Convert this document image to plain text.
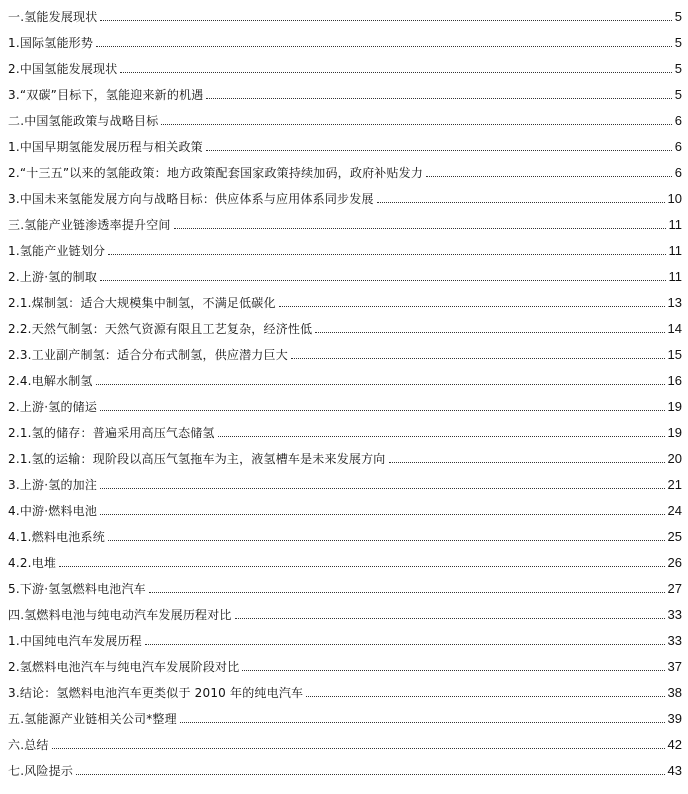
一.氢能发展现状	5
1.国际氢能形势	5
2.中国氢能发展现状	5
3.“双碳”目标下，氢能迎来新的机遇	5
二.中国氢能政策与战略目标	6
1.中国早期氢能发展历程与相关政策	6
2.“十三五”以来的氢能政策：地方政策配套国家政策持续加码，政府补贴发力	6
3.中国未来氢能发展方向与战略目标：供应体系与应用体系同步发展	10
三.氢能产业链渗透率提升空间	11
1.氢能产业链划分	11
2.上游·氢的制取	11
2.1.煤制氢：适合大规模集中制氢，不满足低碳化	13
2.2.天然气制氢：天然气资源有限且工艺复杂，经济性低	14
2.3.工业副产制氢：适合分布式制氢，供应潜力巨大	15
2.4.电解水制氢	16
2.上游·氢的储运	19
2.1.氢的储存：普遍采用高压气态储氢	19
2.1.氢的运输：现阶段以高压气氢拖车为主，液氢槽车是未来发展方向	20
3.上游·氢的加注	21
4.中游·燃料电池	24
4.1.燃料电池系统	25
4.2.电堆	26
5.下游·氢氢燃料电池汽车	27
四.氢燃料电池与纯电动汽车发展历程对比	33
1.中国纯电汽车发展历程	33
2.氢燃料电池汽车与纯电汽车发展阶段对比	37
3.结论：氢燃料电池汽车更类似于 2010 年的纯电汽车	38
五.氢能源产业链相关公司*整理	39
六.总结	42
七.风险提示	43
